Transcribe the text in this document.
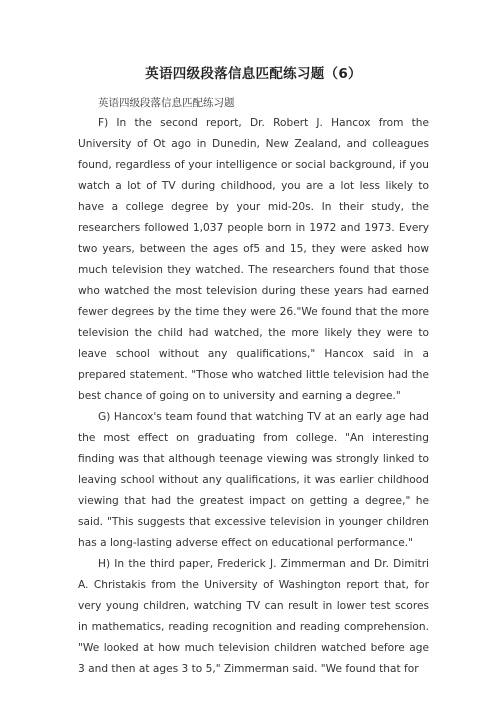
英语四级段落信息匹配练习题（6）
英语四级段落信息匹配练习题

F) In the second report, Dr. Robert J. Hancox from the University of Ot ago in Dunedin, New Zealand, and colleagues found, regardless of your intelligence or social background, if you watch a lot of TV during childhood, you are a lot less likely to have a college degree by your mid-20s. In their study, the researchers followed 1,037 people born in 1972 and 1973. Every two years, between the ages of5 and 15, they were asked how much television they watched. The researchers found that those who watched the most television during these years had earned fewer degrees by the time they were 26."We found that the more television the child had watched, the more likely they were to leave school without any qualifications," Hancox said in a prepared statement. "Those who watched little television had the best chance of going on to university and earning a degree."

G) Hancox's team found that watching TV at an early age had the most effect on graduating from college. "An interesting finding was that although teenage viewing was strongly linked to leaving school without any qualifications, it was earlier childhood viewing that had the greatest impact on getting a degree," he said. "This suggests that excessive television in younger children has a long-lasting adverse effect on educational performance."

H) In the third paper, Frederick J. Zimmerman and Dr. Dimitri A. Christakis from the University of Washington report that, for very young children, watching TV can result in lower test scores in mathematics, reading recognition and reading comprehension. "We looked at how much television children watched before age 3 and then at ages 3 to 5," Zimmerman said. "We found that for
